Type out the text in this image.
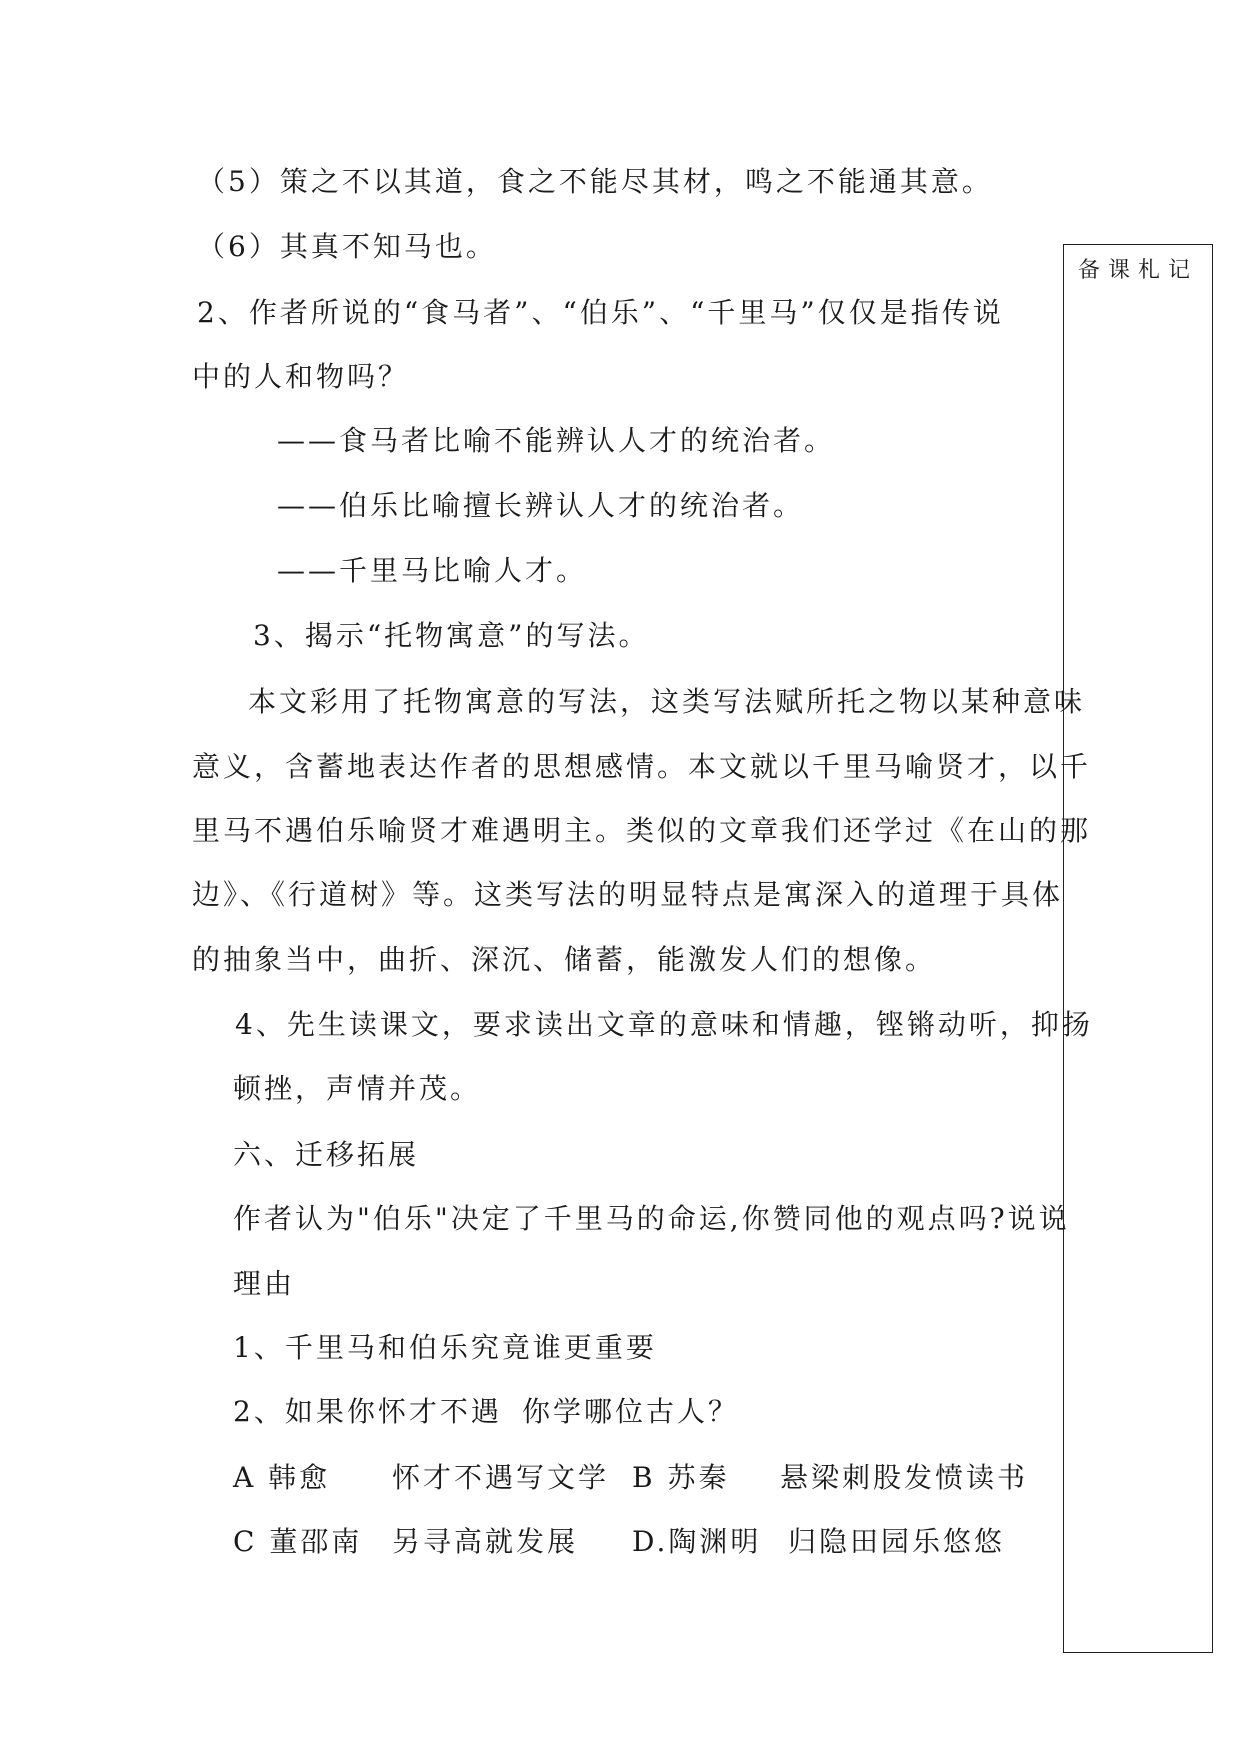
备课札记
（5）策之不以其道，食之不能尽其材，鸣之不能通其意。
（6）其真不知马也。
2、作者所说的“食马者”、“伯乐”、“千里马”仅仅是指传说
中的人和物吗？
——食马者比喻不能辨认人才的统治者。
——伯乐比喻擅长辨认人才的统治者。
——千里马比喻人才。
3、揭示“托物寓意”的写法。
本文彩用了托物寓意的写法，这类写法赋所托之物以某种意味
意义，含蓄地表达作者的思想感情。本文就以千里马喻贤才，以千
里马不遇伯乐喻贤才难遇明主。类似的文章我们还学过《在山的那
边》、《行道树》等。这类写法的明显特点是寓深入的道理于具体
的抽象当中，曲折、深沉、储蓄，能激发人们的想像。
4、先生读课文，要求读出文章的意味和情趣，铿锵动听，抑扬
顿挫，声情并茂。
六、迁移拓展
作者认为"伯乐"决定了千里马的命运,你赞同他的观点吗?说说
理由
1、千里马和伯乐究竟谁更重要
2、如果你怀才不遇 你学哪位古人？
A 韩愈 怀才不遇写文学 B 苏秦 悬梁刺股发愤读书
C 董邵南 另寻高就发展 D.陶渊明 归隐田园乐悠悠
